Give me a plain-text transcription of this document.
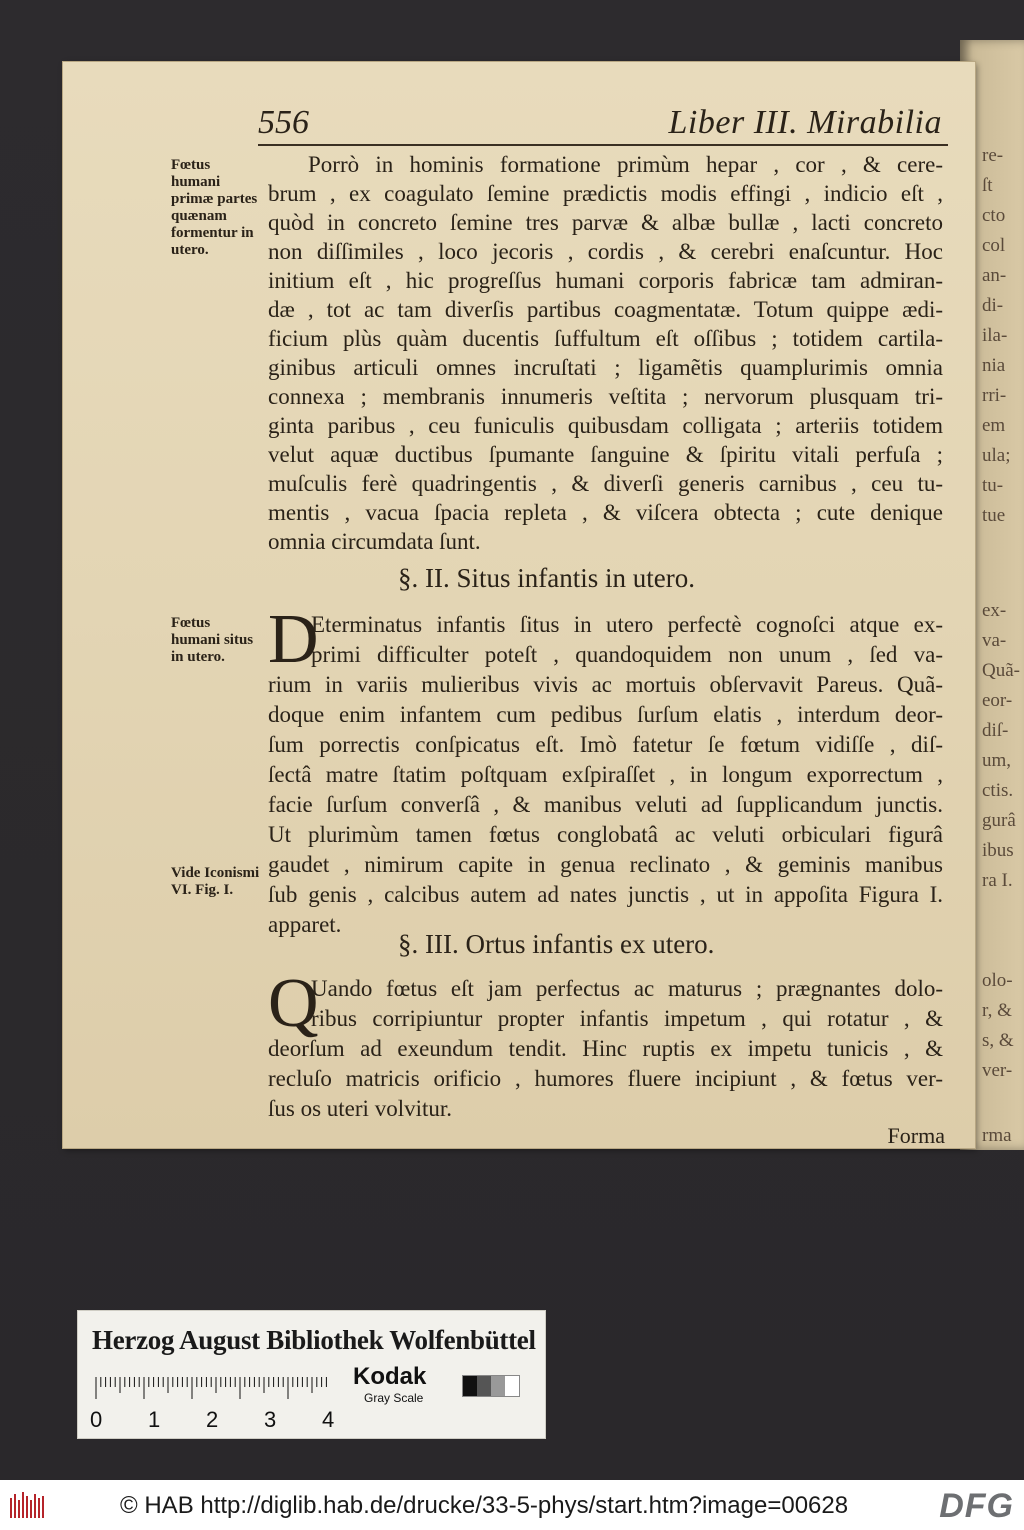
re-
ſt
cto
col
an-
di-
ila-
nia
rri-
em
ula;
tu-
tue
ex-
va-
Quã-
eor-
diſ-
um,
ctis.
gurâ
ibus
ra I.
olo-
r, &
s, &
ver-
rma
556	Liber III. Mirabilia
Fœtus humani primæ partes quænam formentur in utero.
Fœtus humani situs in utero.
Vide Iconismi VI. Fig. I.
Porrò in hominis formatione primùm hepar , cor , & cere-
brum , ex coagulato ſemine prædictis modis effingi , indicio eſt ,
quòd in concreto ſemine tres parvæ & albæ bullæ , lacti concreto
non diſſimiles , loco jecoris , cordis , & cerebri enaſcuntur. Hoc
initium eſt , hic progreſſus humani corporis fabricæ tam admiran-
dæ , tot ac tam diverſis partibus coagmentatæ. Totum quippe ædi-
ficium plùs quàm ducentis ſuffultum eſt oſſibus ; totidem cartila-
ginibus articuli omnes incruſtati ; ligamẽtis quamplurimis omnia
connexa ; membranis innumeris veſtita ; nervorum plusquam tri-
ginta paribus , ceu funiculis quibusdam colligata ; arteriis totidem
velut aquæ ductibus ſpumante ſanguine & ſpiritu vitali perfuſa ;
muſculis ferè quadringentis , & diverſi generis carnibus , ceu tu-
mentis , vacua ſpacia repleta , & viſcera obtecta ; cute denique
omnia circumdata ſunt.
§. II. Situs infantis in utero.
D
Eterminatus infantis ſitus in utero perfectè cognoſci atque ex-
primi difficulter poteſt , quandoquidem non unum , ſed va-
rium in variis mulieribus vivis ac mortuis obſervavit Pareus. Quã-
doque enim infantem cum pedibus ſurſum elatis , interdum deor-
ſum porrectis conſpicatus eſt. Imò fatetur ſe fœtum vidiſſe , diſ-
ſectâ matre ſtatim poſtquam exſpiraſſet , in longum exporrectum ,
facie ſurſum converſâ , & manibus veluti ad ſupplicandum junctis.
Ut plurimùm tamen fœtus conglobatâ ac veluti orbiculari figurâ
gaudet , nimirum capite in genua reclinato , & geminis manibus
ſub genis , calcibus autem ad nates junctis , ut in appoſita Figura I.
apparet.
§. III. Ortus infantis ex utero.
Q
Uando fœtus eſt jam perfectus ac maturus ; prægnantes dolo-
ribus corripiuntur propter infantis impetum , qui rotatur , &
deorſum ad exeundum tendit. Hinc ruptis ex impetu tunicis , &
recluſo matricis orificio , humores fluere incipiunt , & fœtus ver-
ſus os uteri volvitur.
Forma
Herzog August Bibliothek Wolfenbüttel
0 1 2 3 4
Kodak
Gray Scale
© HAB http://diglib.hab.de/drucke/33-5-phys/start.htm?image=00628	DFG
